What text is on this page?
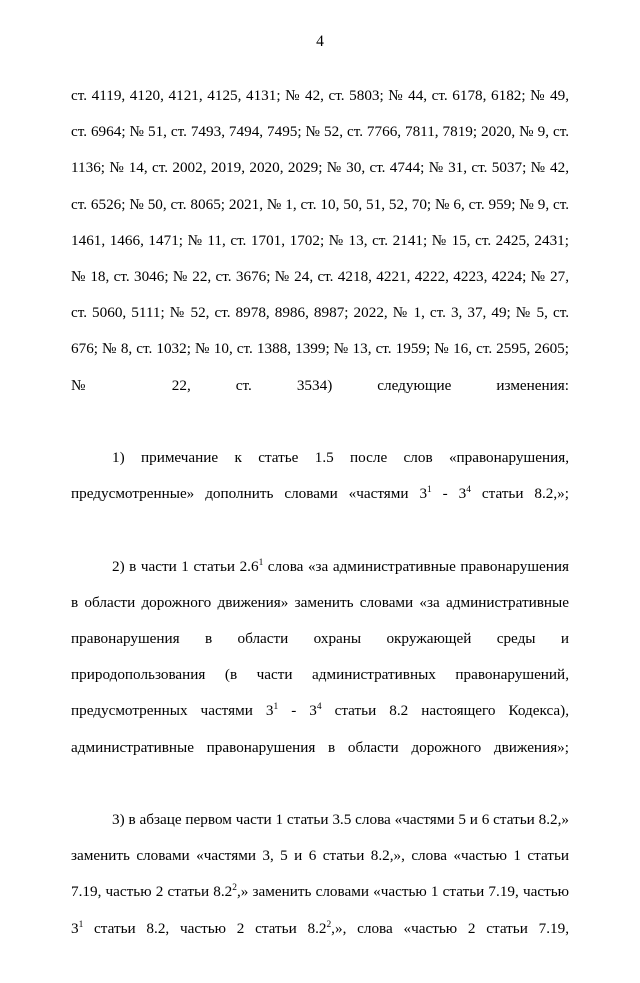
4

ст. 4119, 4120, 4121, 4125, 4131; № 42, ст. 5803; № 44, ст. 6178, 6182; № 49, ст. 6964; № 51, ст. 7493, 7494, 7495; № 52, ст. 7766, 7811, 7819; 2020, № 9, ст. 1136; № 14, ст. 2002, 2019, 2020, 2029; № 30, ст. 4744; № 31, ст. 5037; № 42, ст. 6526; № 50, ст. 8065; 2021, № 1, ст. 10, 50, 51, 52, 70; № 6, ст. 959; № 9, ст. 1461, 1466, 1471; № 11, ст. 1701, 1702; № 13, ст. 2141; № 15, ст. 2425, 2431; № 18, ст. 3046; № 22, ст. 3676; № 24, ст. 4218, 4221, 4222, 4223, 4224; № 27, ст. 5060, 5111; № 52, ст. 8978, 8986, 8987; 2022, № 1, ст. 3, 37, 49; № 5, ст. 676; № 8, ст. 1032; № 10, ст. 1388, 1399; № 13, ст. 1959; № 16, ст. 2595, 2605; № 22, ст. 3534) следующие изменения:

1) примечание к статье 1.5 после слов «правонарушения, предусмотренные» дополнить словами «частями $3^1 - 3^4$ статьи 8.2,»;

2) в части 1 статьи $2.6^1$ слова «за административные правонарушения в области дорожного движения» заменить словами «за административные правонарушения в области охраны окружающей среды и природопользования (в части административных правонарушений, предусмотренных частями $3^1 - 3^4$ статьи 8.2 настоящего Кодекса), административные правонарушения в области дорожного движения»;

3) в абзаце первом части 1 статьи 3.5 слова «частями 5 и 6 статьи 8.2,» заменить словами «частями 3, 5 и 6 статьи 8.2,», слова «частью 1 статьи 7.19, частью 2 статьи $8.2^2$,» заменить словами «частью 1 статьи 7.19, частью $3^1$ статьи 8.2, частью 2 статьи $8.2^2$,», слова «частью 2 статьи 7.19,
